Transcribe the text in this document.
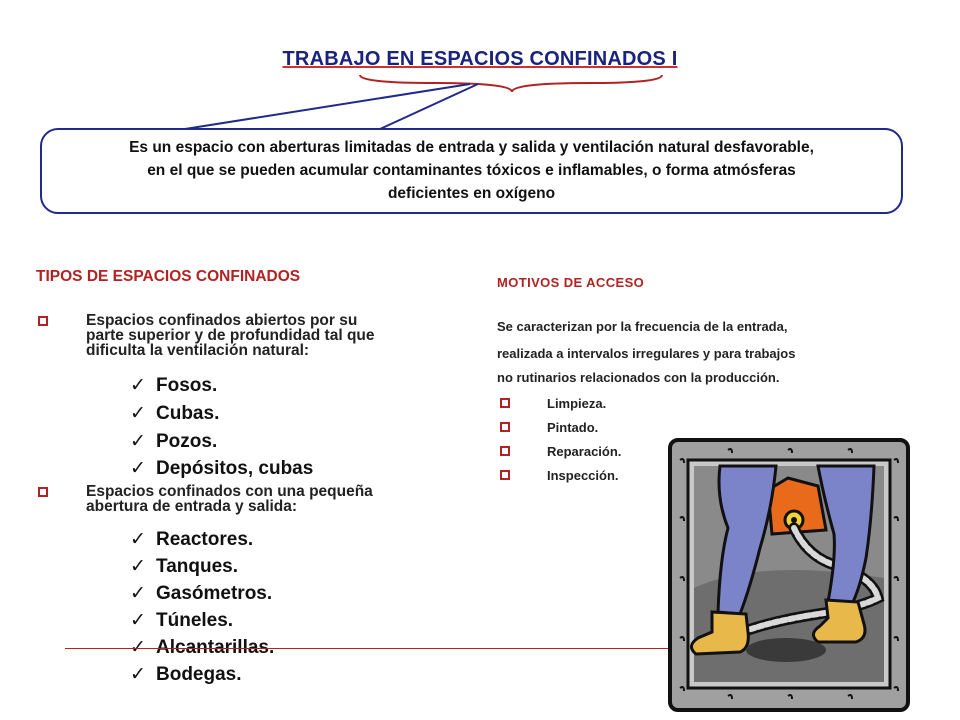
TRABAJO EN ESPACIOS CONFINADOS I
Es un espacio con aberturas limitadas de entrada y salida y ventilación natural desfavorable,
en el que se pueden acumular contaminantes tóxicos e inflamables, o forma atmósferas
deficientes en oxígeno
TIPOS DE ESPACIOS CONFINADOS
Espacios confinados abiertos por su
parte superior y de profundidad tal que
dificulta la ventilación natural:
✓ Fosos.
✓ Cubas.
✓ Pozos.
✓ Depósitos, cubas
Espacios confinados con una pequeña
abertura de entrada y salida:
✓ Reactores.
✓ Tanques.
✓ Gasómetros.
✓ Túneles.
✓ Alcantarillas.
✓ Bodegas.
MOTIVOS DE ACCESO
Se caracterizan por la frecuencia de la entrada,
realizada a intervalos irregulares y para trabajos
no rutinarios relacionados con la producción.
Limpieza.
Pintado.
Reparación.
Inspección.
